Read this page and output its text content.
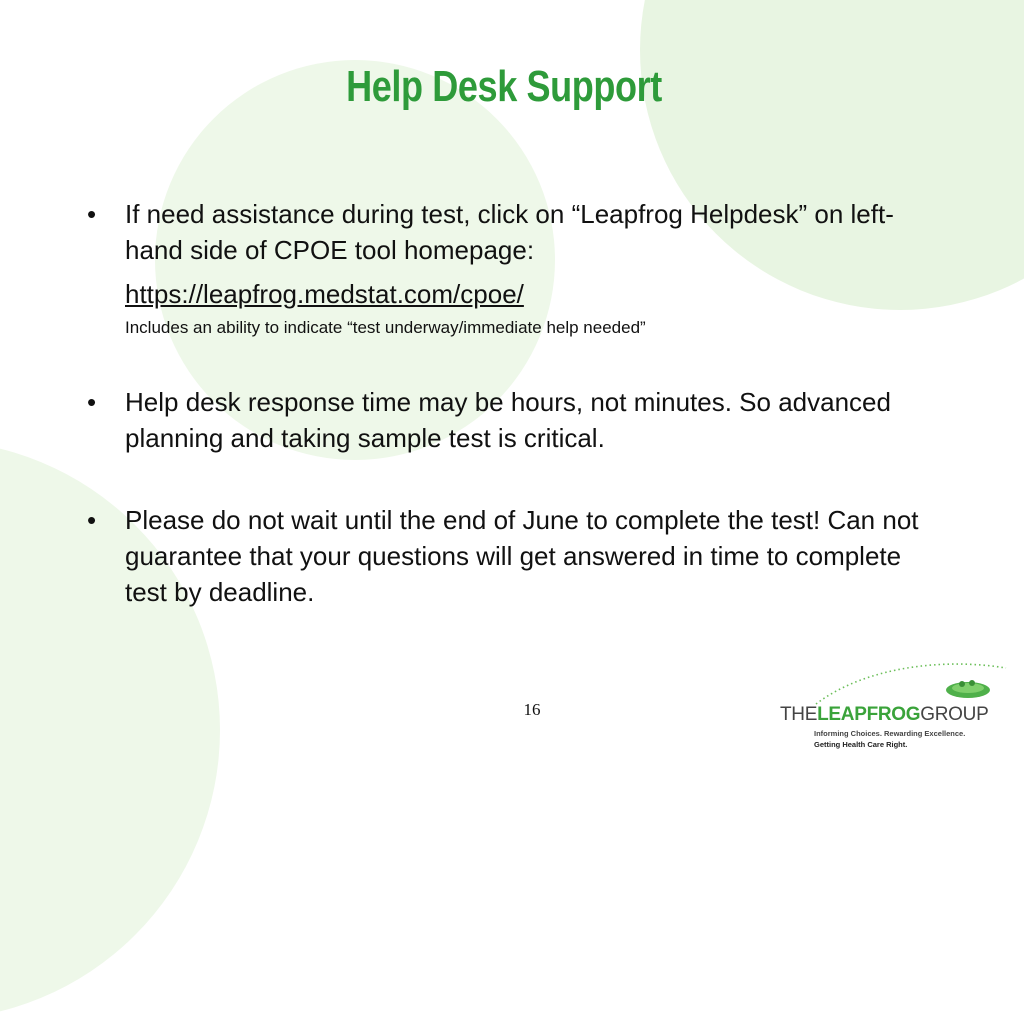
Help Desk Support
• If need assistance during test, click on “Leapfrog Helpdesk” on left-hand side of CPOE tool homepage:
https://leapfrog.medstat.com/cpoe/
Includes an ability to indicate “test underway/immediate help needed”
• Help desk response time may be hours, not minutes. So advanced planning and taking sample test is critical.
• Please do not wait until the end of June to complete the test! Can not guarantee that your questions will get answered in time to complete test by deadline.
16	THELEAPFROGGROUP
Informing Choices. Rewarding Excellence.
Getting Health Care Right.
